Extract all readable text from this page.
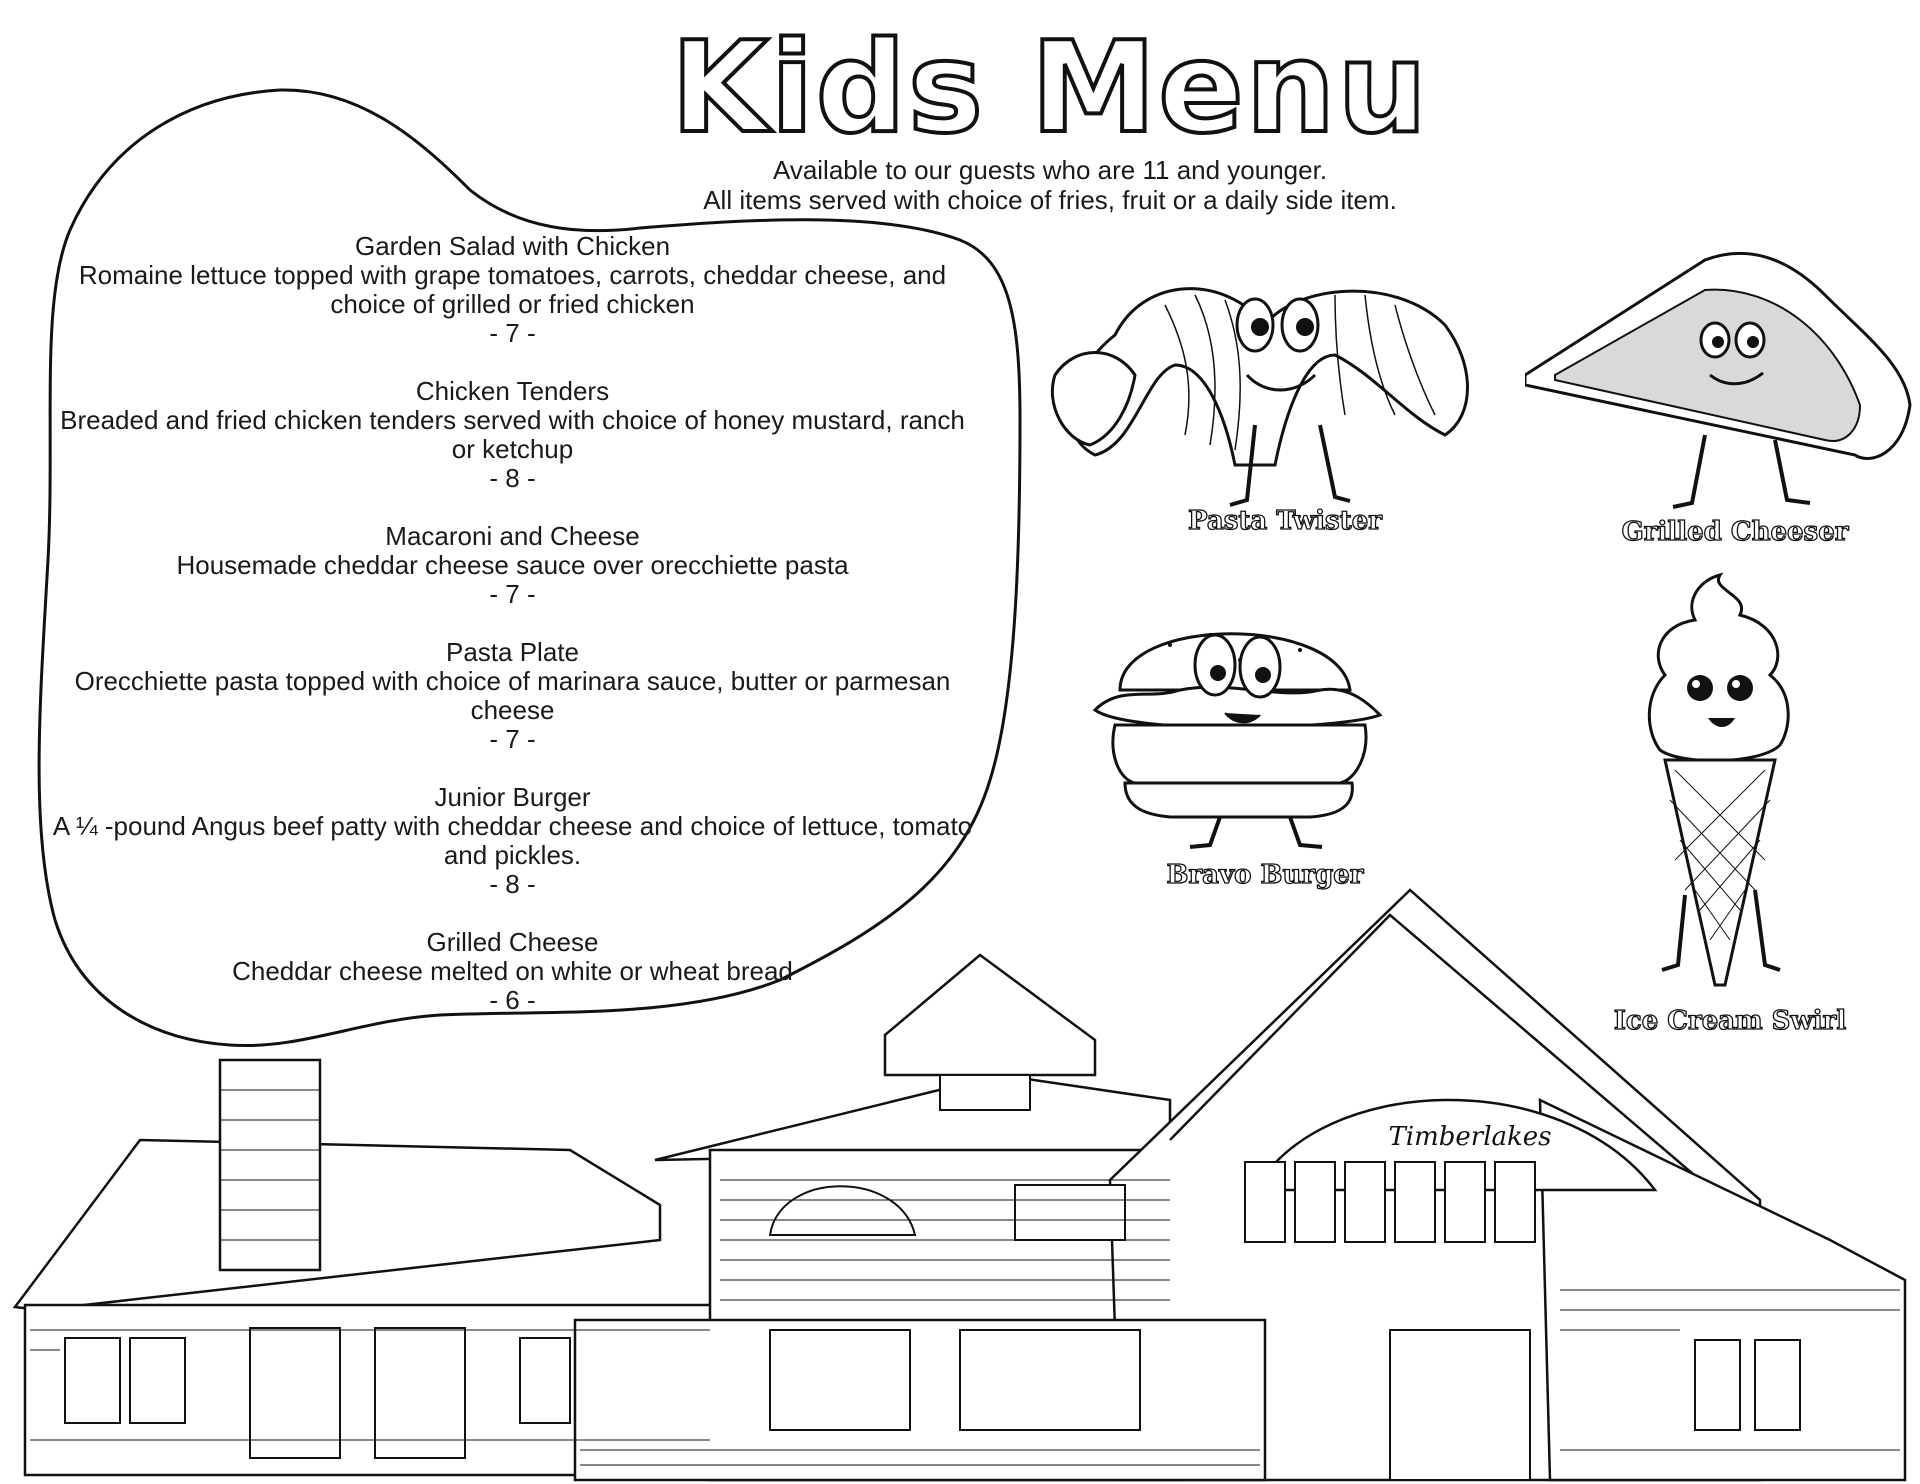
Kids Menu
Available to our guests who are 11 and younger.
All items served with choice of fries, fruit or a daily side item.

Garden Salad with Chicken

Romaine lettuce topped with grape tomatoes, carrots, cheddar cheese, and choice of grilled or fried chicken

- 7 -

Chicken Tenders

Breaded and fried chicken tenders served with choice of honey mustard, ranch or ketchup

- 8 -

Macaroni and Cheese

Housemade cheddar cheese sauce over orecchiette pasta

- 7 -

Pasta Plate

Orecchiette pasta topped with choice of marinara sauce, butter or parmesan cheese

- 7 -

Junior Burger

A ¼ -pound Angus beef patty with cheddar cheese and choice of lettuce, tomato and pickles.

- 8 -

Grilled Cheese

Cheddar cheese melted on white or wheat bread

- 6 -

Pasta Twister	Grilled Cheeser
Bravo Burger
Ice Cream Swirl
Timberlakes
